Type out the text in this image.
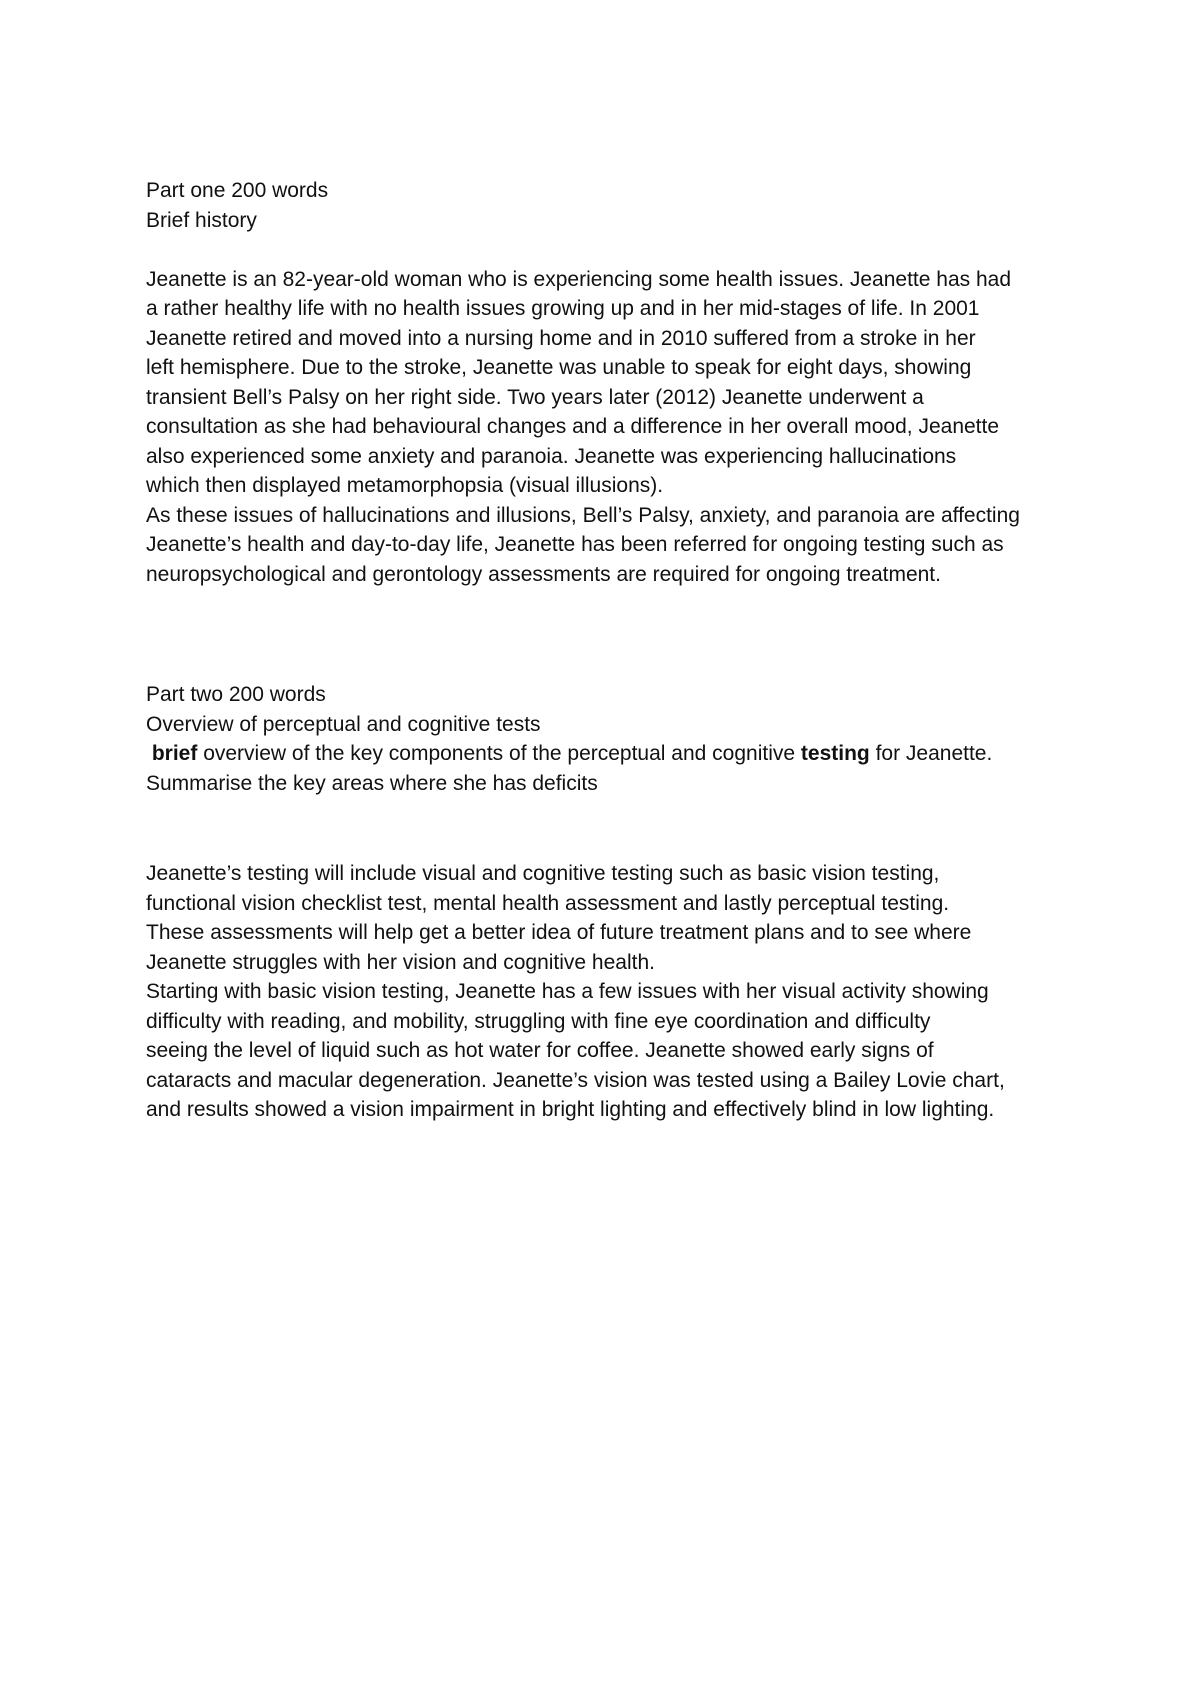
Part one 200 words
Brief history
Jeanette is an 82-year-old woman who is experiencing some health issues. Jeanette has had
a rather healthy life with no health issues growing up and in her mid-stages of life. In 2001
Jeanette retired and moved into a nursing home and in 2010 suffered from a stroke in her
left hemisphere. Due to the stroke, Jeanette was unable to speak for eight days, showing
transient Bell’s Palsy on her right side. Two years later (2012) Jeanette underwent a
consultation as she had behavioural changes and a difference in her overall mood, Jeanette
also experienced some anxiety and paranoia. Jeanette was experiencing hallucinations
which then displayed metamorphopsia (visual illusions).
As these issues of hallucinations and illusions, Bell’s Palsy, anxiety, and paranoia are affecting
Jeanette’s health and day-to-day life, Jeanette has been referred for ongoing testing such as
neuropsychological and gerontology assessments are required for ongoing treatment.
Part two 200 words
Overview of perceptual and cognitive tests
brief overview of the key components of the perceptual and cognitive testing for Jeanette.
Summarise the key areas where she has deficits
Jeanette’s testing will include visual and cognitive testing such as basic vision testing,
functional vision checklist test, mental health assessment and lastly perceptual testing.
These assessments will help get a better idea of future treatment plans and to see where
Jeanette struggles with her vision and cognitive health.
Starting with basic vision testing, Jeanette has a few issues with her visual activity showing
difficulty with reading, and mobility, struggling with fine eye coordination and difficulty
seeing the level of liquid such as hot water for coffee. Jeanette showed early signs of
cataracts and macular degeneration. Jeanette’s vision was tested using a Bailey Lovie chart,
and results showed a vision impairment in bright lighting and effectively blind in low lighting.
